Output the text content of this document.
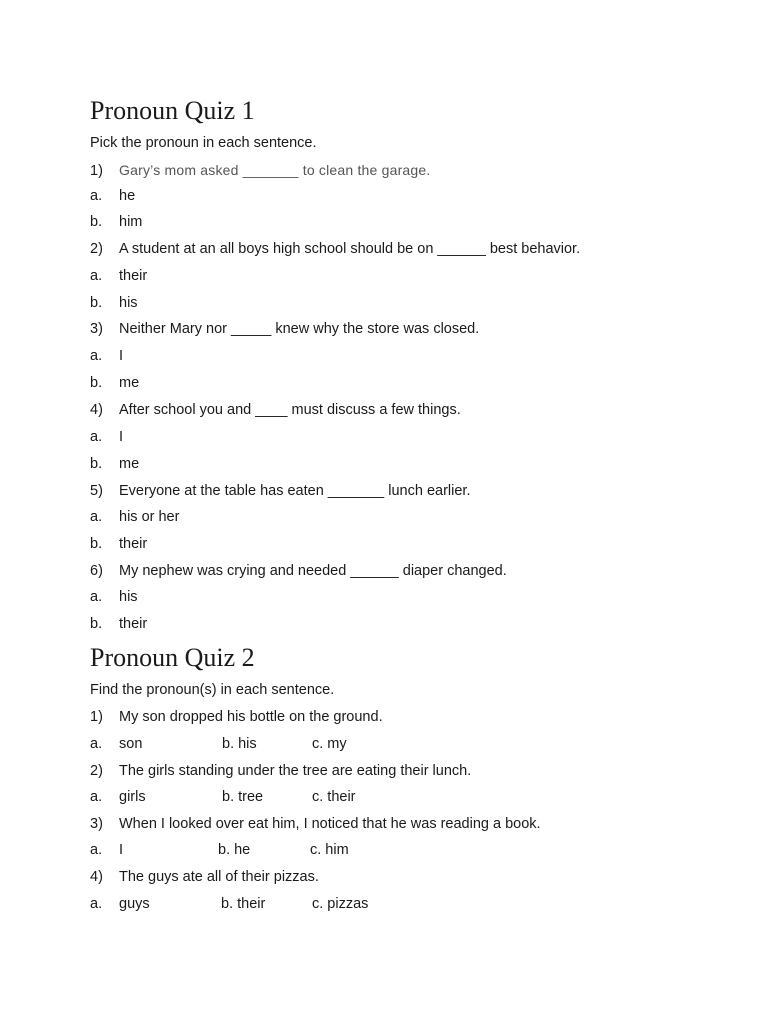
Pronoun Quiz 1

Pick the pronoun in each sentence.

1) Gary’s mom asked _______ to clean the garage.

a. he

b. him

2) A student at an all boys high school should be on ______ best behavior.

a. their

b. his

3) Neither Mary nor _____ knew why the store was closed.

a. I

b. me

4) After school you and ____ must discuss a few things.

a. I

b. me

5) Everyone at the table has eaten _______ lunch earlier.

a. his or her

b. their

6) My nephew was crying and needed ______ diaper changed.

a. his

b. their

Pronoun Quiz 2

Find the pronoun(s) in each sentence.

1) My son dropped his bottle on the ground.

a. son	b. his	c. my

2) The girls standing under the tree are eating their lunch.

a. girls	b. tree	c. their

3) When I looked over eat him, I noticed that he was reading a book.

a. I	b. he	c. him

4) The guys ate all of their pizzas.

a. guys	b. their	c. pizzas
